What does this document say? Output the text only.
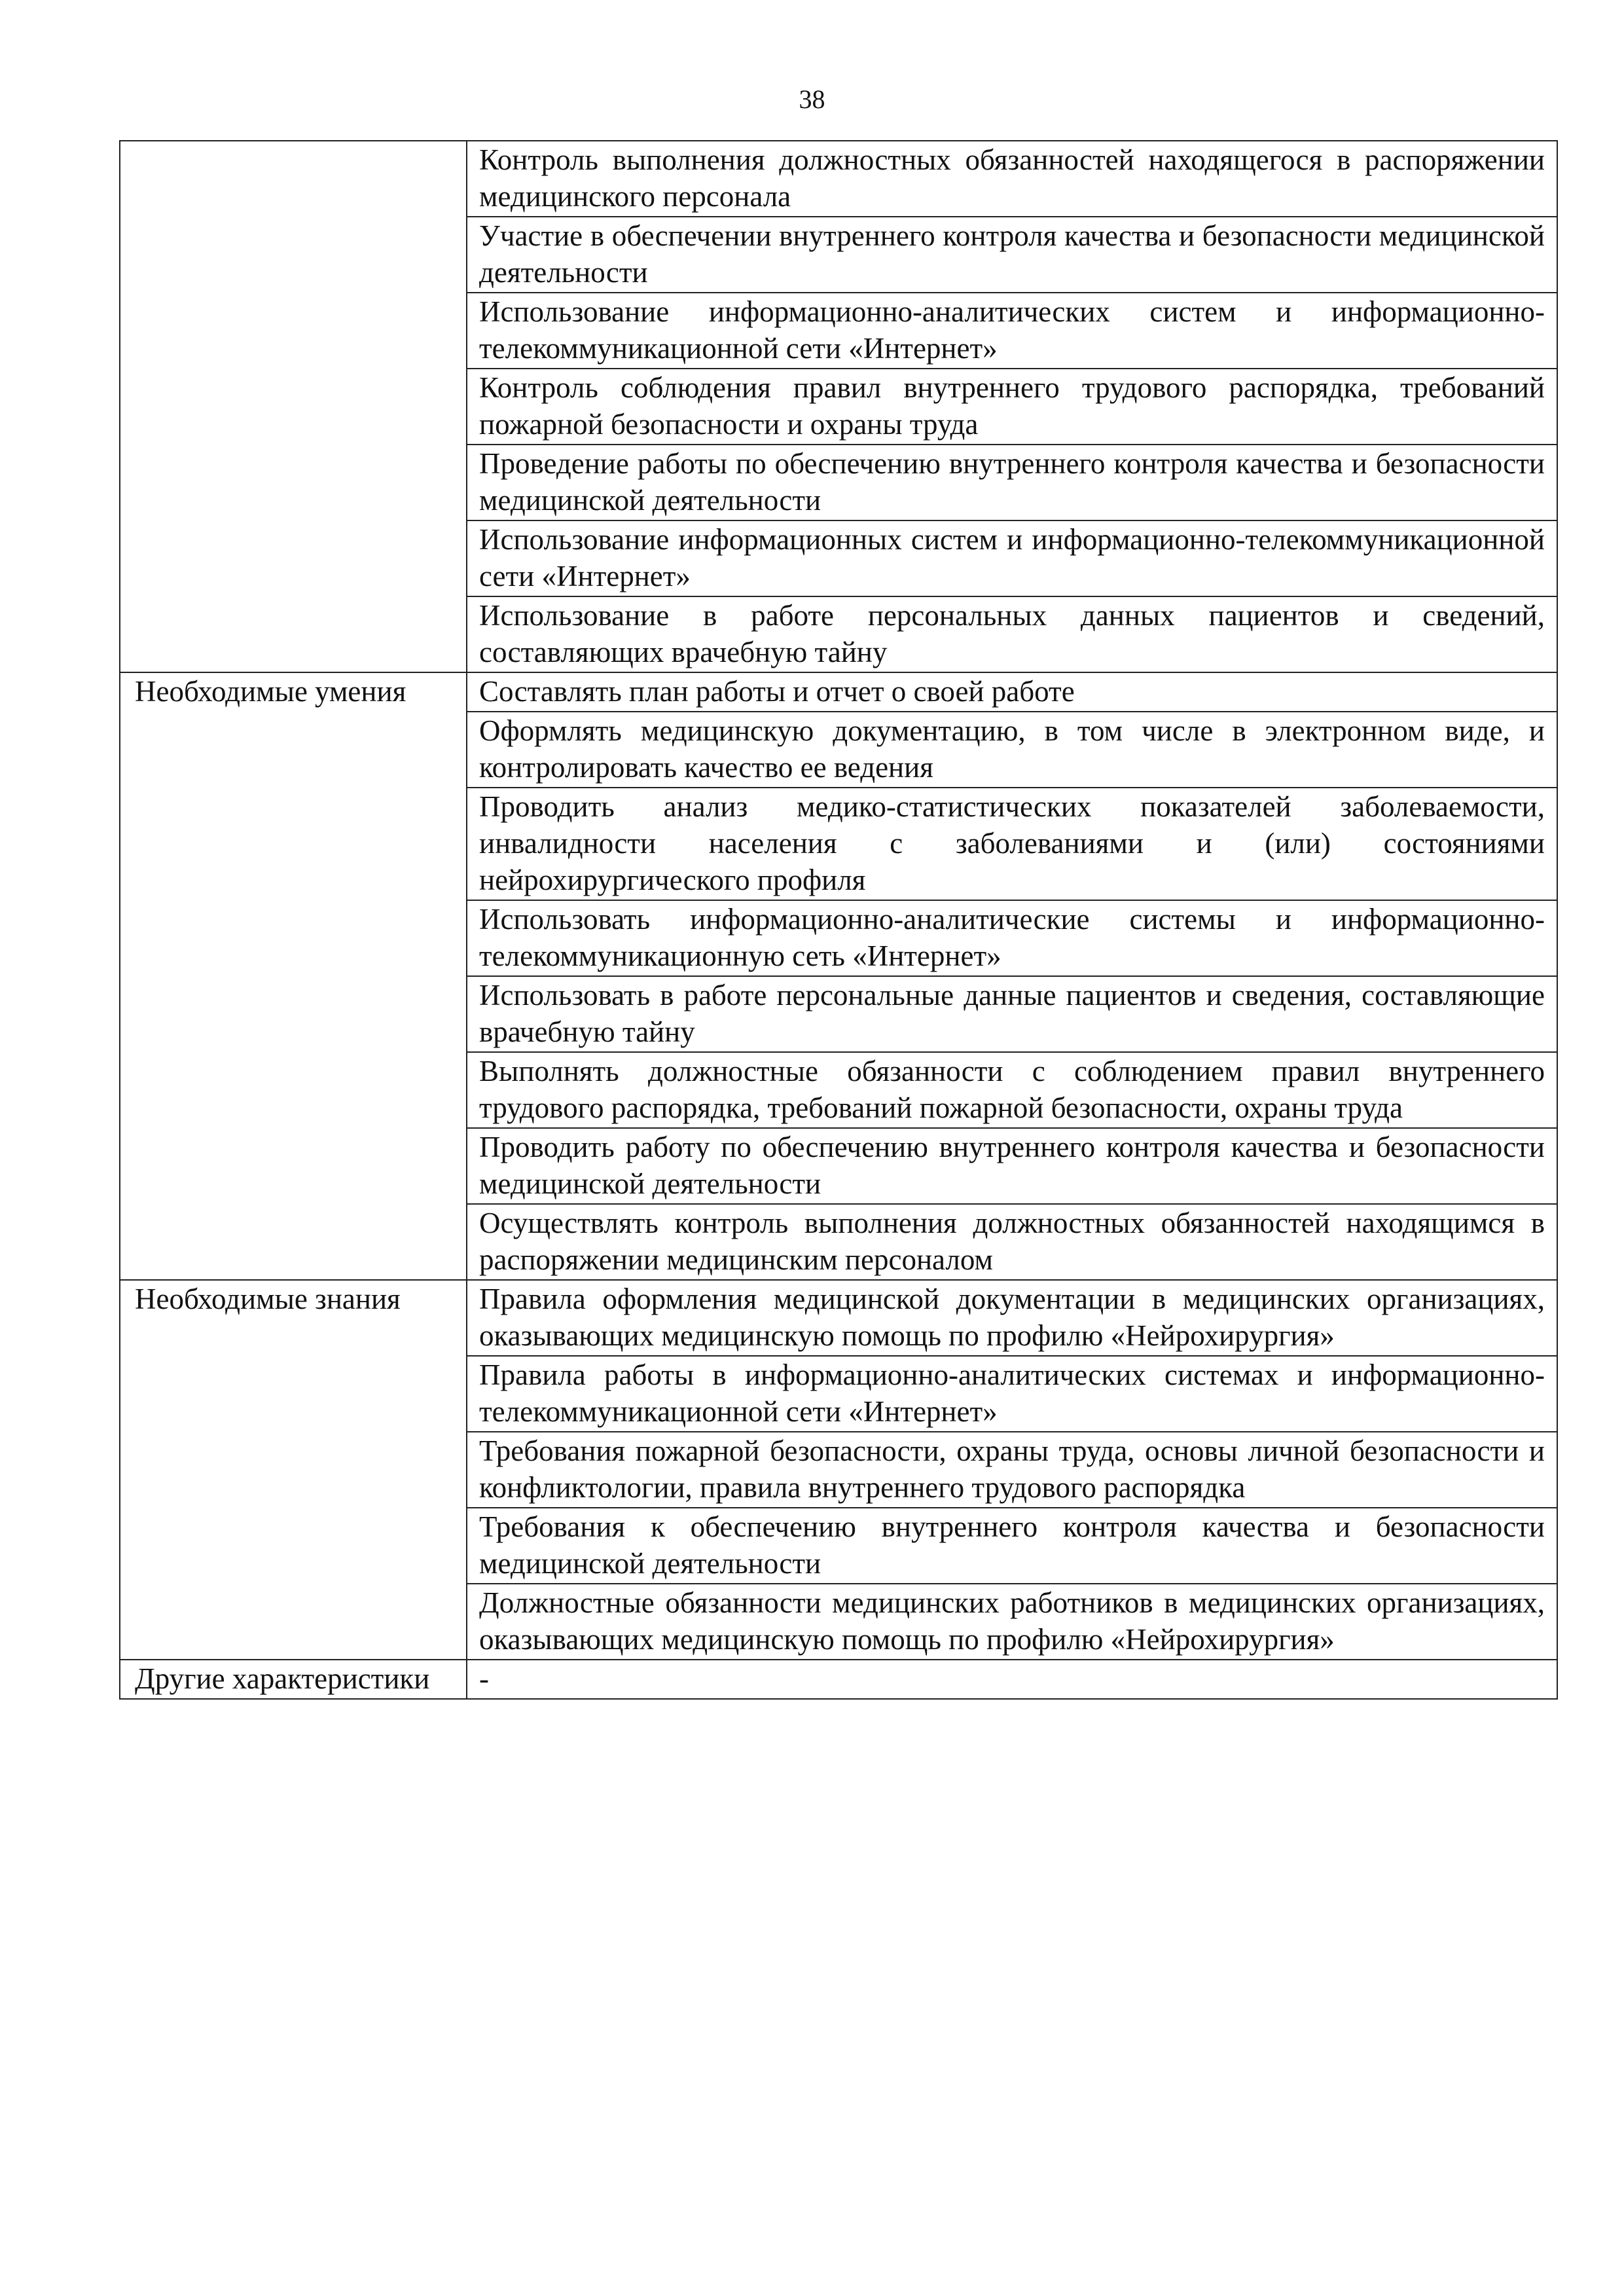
38
	Контроль выполнения должностных обязанностей находящегося в распоряжении медицинского персонала
	Участие в обеспечении внутреннего контроля качества и безопасности медицинской деятельности
	Использование информационно-аналитических систем и информационно-телекоммуникационной сети «Интернет»
	Контроль соблюдения правил внутреннего трудового распорядка, требований пожарной безопасности и охраны труда
	Проведение работы по обеспечению внутреннего контроля качества и безопасности медицинской деятельности
	Использование информационных систем и информационно-телекоммуникационной сети «Интернет»
	Использование в работе персональных данных пациентов и сведений, составляющих врачебную тайну
Необходимые умения	Составлять план работы и отчет о своей работе
	Оформлять медицинскую документацию, в том числе в электронном виде, и контролировать качество ее ведения
	Проводить анализ медико-статистических показателей заболеваемости, инвалидности населения с заболеваниями и (или) состояниями нейрохирургического профиля
	Использовать информационно-аналитические системы и информационно-телекоммуникационную сеть «Интернет»
	Использовать в работе персональные данные пациентов и сведения, составляющие врачебную тайну
	Выполнять должностные обязанности с соблюдением правил внутреннего трудового распорядка, требований пожарной безопасности, охраны труда
	Проводить работу по обеспечению внутреннего контроля качества и безопасности медицинской деятельности
	Осуществлять контроль выполнения должностных обязанностей находящимся в распоряжении медицинским персоналом
Необходимые знания	Правила оформления медицинской документации в медицинских организациях, оказывающих медицинскую помощь по профилю «Нейрохирургия»
	Правила работы в информационно-аналитических системах и информационно-телекоммуникационной сети «Интернет»
	Требования пожарной безопасности, охраны труда, основы личной безопасности и конфликтологии, правила внутреннего трудового распорядка
	Требования к обеспечению внутреннего контроля качества и безопасности медицинской деятельности
	Должностные обязанности медицинских работников в медицинских организациях, оказывающих медицинскую помощь по профилю «Нейрохирургия»
Другие характеристики	-
